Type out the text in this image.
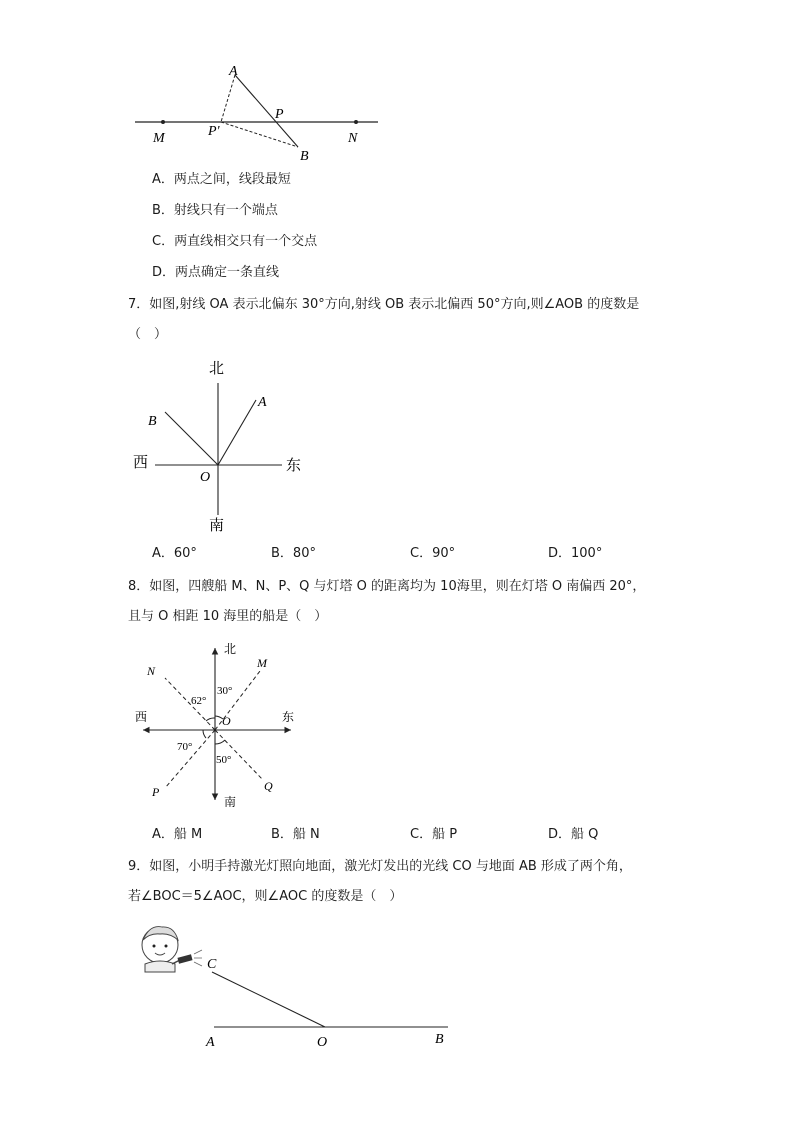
A
P
P'
M	N
B
A．两点之间，线段最短
B．射线只有一个端点
C．两直线相交只有一个交点
D．两点确定一条直线
7．如图,射线 OA 表示北偏东 30°方向,射线 OB 表示北偏西 50°方向,则∠AOB 的度数是
（　）
北
南
东
西
A
B
O
A．60°	B．80°	C．90°	D．100°
8．如图，四艘船 M、N、P、Q 与灯塔 O 的距离均为 10海里，则在灯塔 O 南偏西 20°，
且与 O 相距 10 海里的船是（　）
北
南
东
西
M
N
P	Q
O
62°
30°
70°
50°
A．船 M	B．船 N	C．船 P	D．船 Q
9．如图，小明手持激光灯照向地面，激光灯发出的光线 CO 与地面 AB 形成了两个角，
若∠BOC＝5∠AOC，则∠AOC 的度数是（　）
C
A	O	B
